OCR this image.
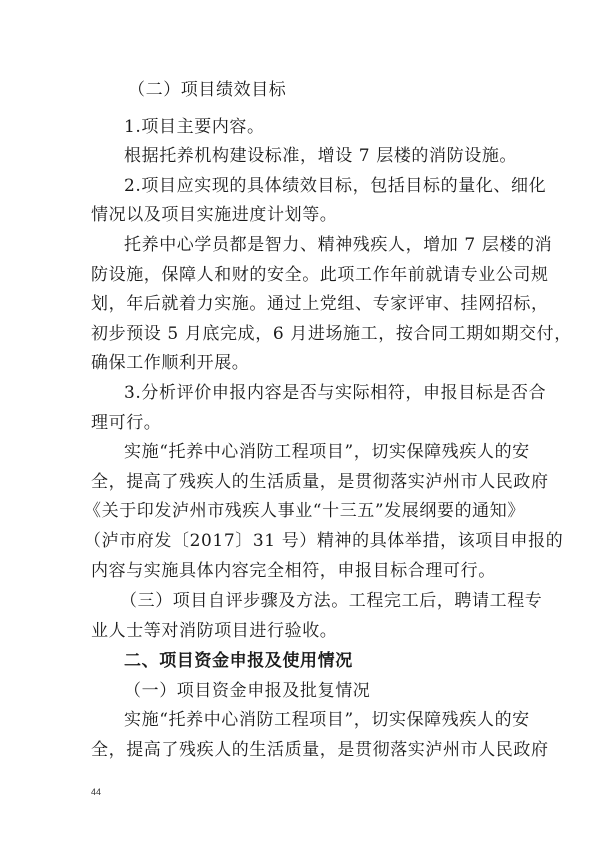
（二）项目绩效目标
1.项目主要内容。
根据托养机构建设标准，增设 7 层楼的消防设施。
2.项目应实现的具体绩效目标，包括目标的量化、细化
情况以及项目实施进度计划等。
托养中心学员都是智力、精神残疾人，增加 7 层楼的消
防设施，保障人和财的安全。此项工作年前就请专业公司规
划，年后就着力实施。通过上党组、专家评审、挂网招标，
初步预设 5 月底完成，6 月进场施工，按合同工期如期交付，
确保工作顺利开展。
3.分析评价申报内容是否与实际相符，申报目标是否合
理可行。
实施“托养中心消防工程项目”，切实保障残疾人的安
全，提高了残疾人的生活质量，是贯彻落实泸州市人民政府
《关于印发泸州市残疾人事业“十三五”发展纲要的通知》
（泸市府发〔2017〕31 号）精神的具体举措，该项目申报的
内容与实施具体内容完全相符，申报目标合理可行。
（三）项目自评步骤及方法。工程完工后，聘请工程专
业人士等对消防项目进行验收。
二、项目资金申报及使用情况
（一）项目资金申报及批复情况
实施“托养中心消防工程项目”，切实保障残疾人的安
全，提高了残疾人的生活质量，是贯彻落实泸州市人民政府
44
